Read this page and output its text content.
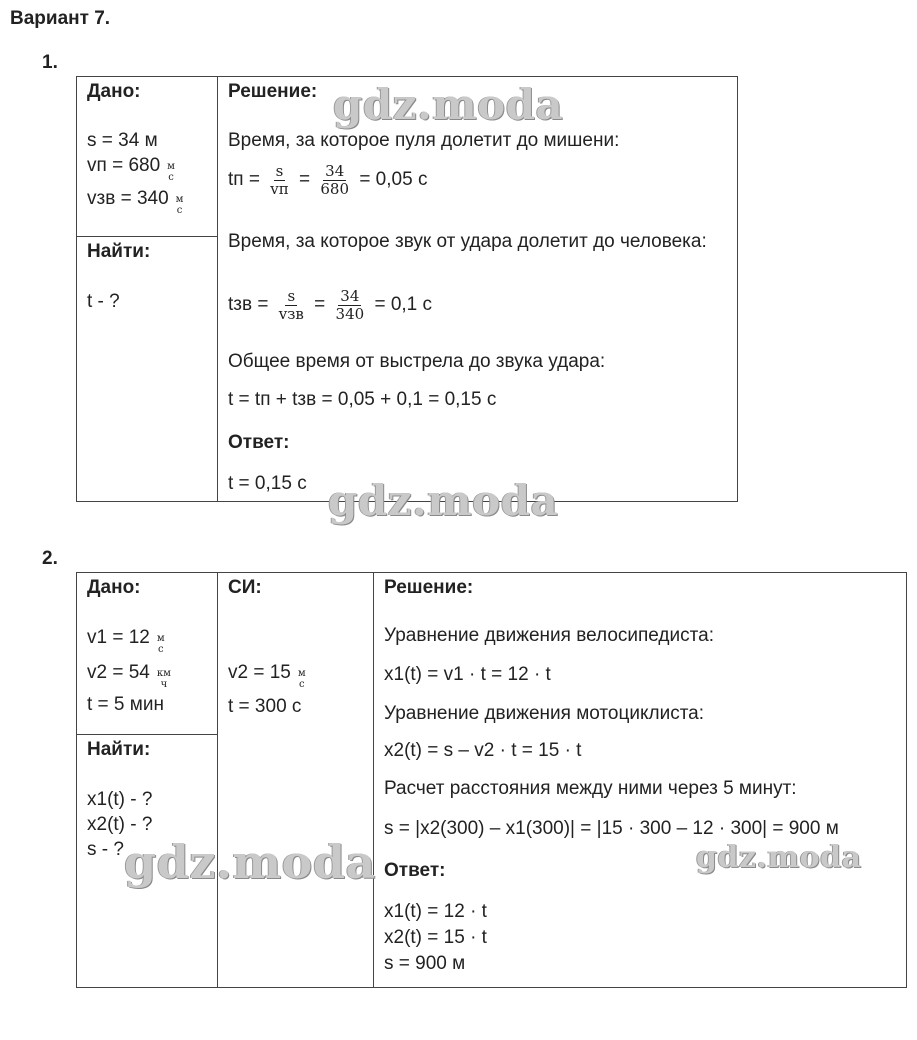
Вариант 7.
1.
Дано:
s = 34 м
vп = 680 м
с
vзв = 340 м
с
Найти:
t - ?
Решение:
Время, за которое пуля долетит до мишени:
tп = $\frac{s}{vп} = \frac{34}{680} = 0,05$ с
Время, за которое звук от удара долетит до человека:
tзв = $\frac{s}{\text{vзв}} = \frac{34}{340} = 0,1$ с
Общее время от выстрела до звука удара:
t = tп + tзв = 0,05 + 0,1 = 0,15 с
Ответ:
t = 0,15 с
2.
Дано:
v1 = 12 м
с
v2 = 54 км
ч
t = 5 мин
Найти:
x1(t) - ?
x2(t) - ?
s - ?
СИ:
v2 = 15 м
с
t = 300 с
Решение:
Уравнение движения велосипедиста:
x1(t) = v1 · t = 12 · t
Уравнение движения мотоциклиста:
x2(t) = s – v2 · t = 15 · t
Расчет расстояния между ними через 5 минут:
s = |x2(300) – x1(300)| = |15 · 300 – 12 · 300| = 900 м
Ответ:
x1(t) = 12 · t
x2(t) = 15 · t
s = 900 м
gdz.moda
gdz.moda
gdz.moda	gdz.moda
